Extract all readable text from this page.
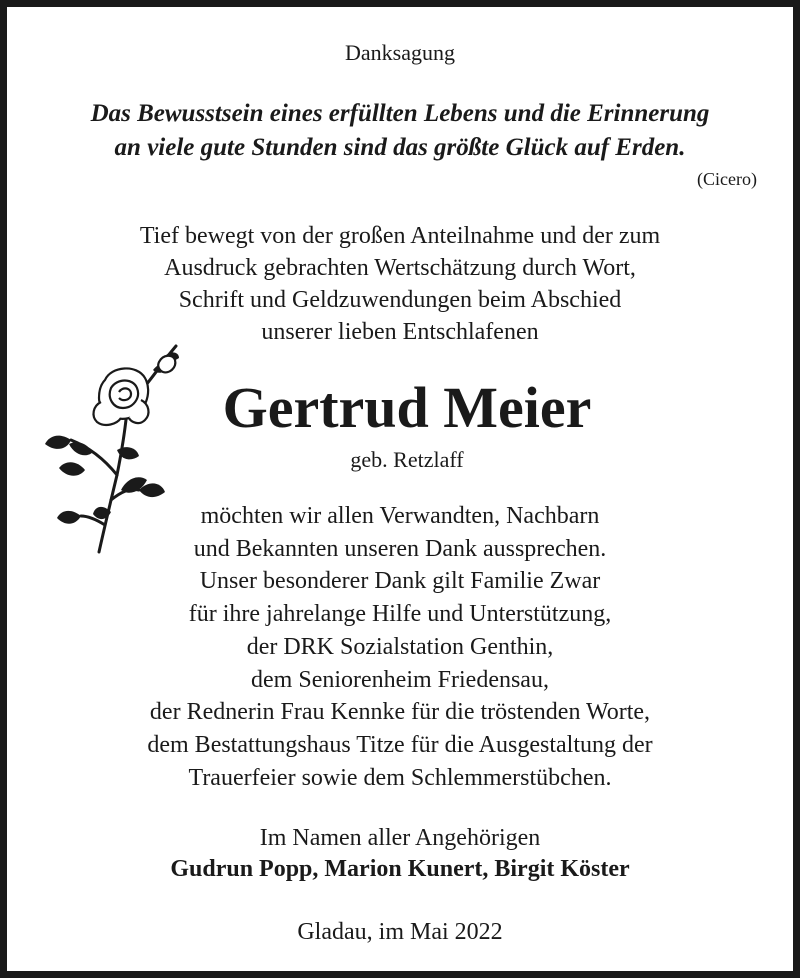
Danksagung
Das Bewusstsein eines erfüllten Lebens und die Erinnerung
an viele gute Stunden sind das größte Glück auf Erden.
(Cicero)
Tief bewegt von der großen Anteilnahme und der zum
Ausdruck gebrachten Wertschätzung durch Wort,
Schrift und Geldzuwendungen beim Abschied
unserer lieben Entschlafenen
Gertrud Meier
geb. Retzlaff
möchten wir allen Verwandten, Nachbarn
und Bekannten unseren Dank aussprechen.
Unser besonderer Dank gilt Familie Zwar
für ihre jahrelange Hilfe und Unterstützung,
der DRK Sozialstation Genthin,
dem Seniorenheim Friedensau,
der Rednerin Frau Kennke für die tröstenden Worte,
dem Bestattungshaus Titze für die Ausgestaltung der
Trauerfeier sowie dem Schlemmerstübchen.
Im Namen aller Angehörigen
Gudrun Popp, Marion Kunert, Birgit Köster
Gladau, im Mai 2022
